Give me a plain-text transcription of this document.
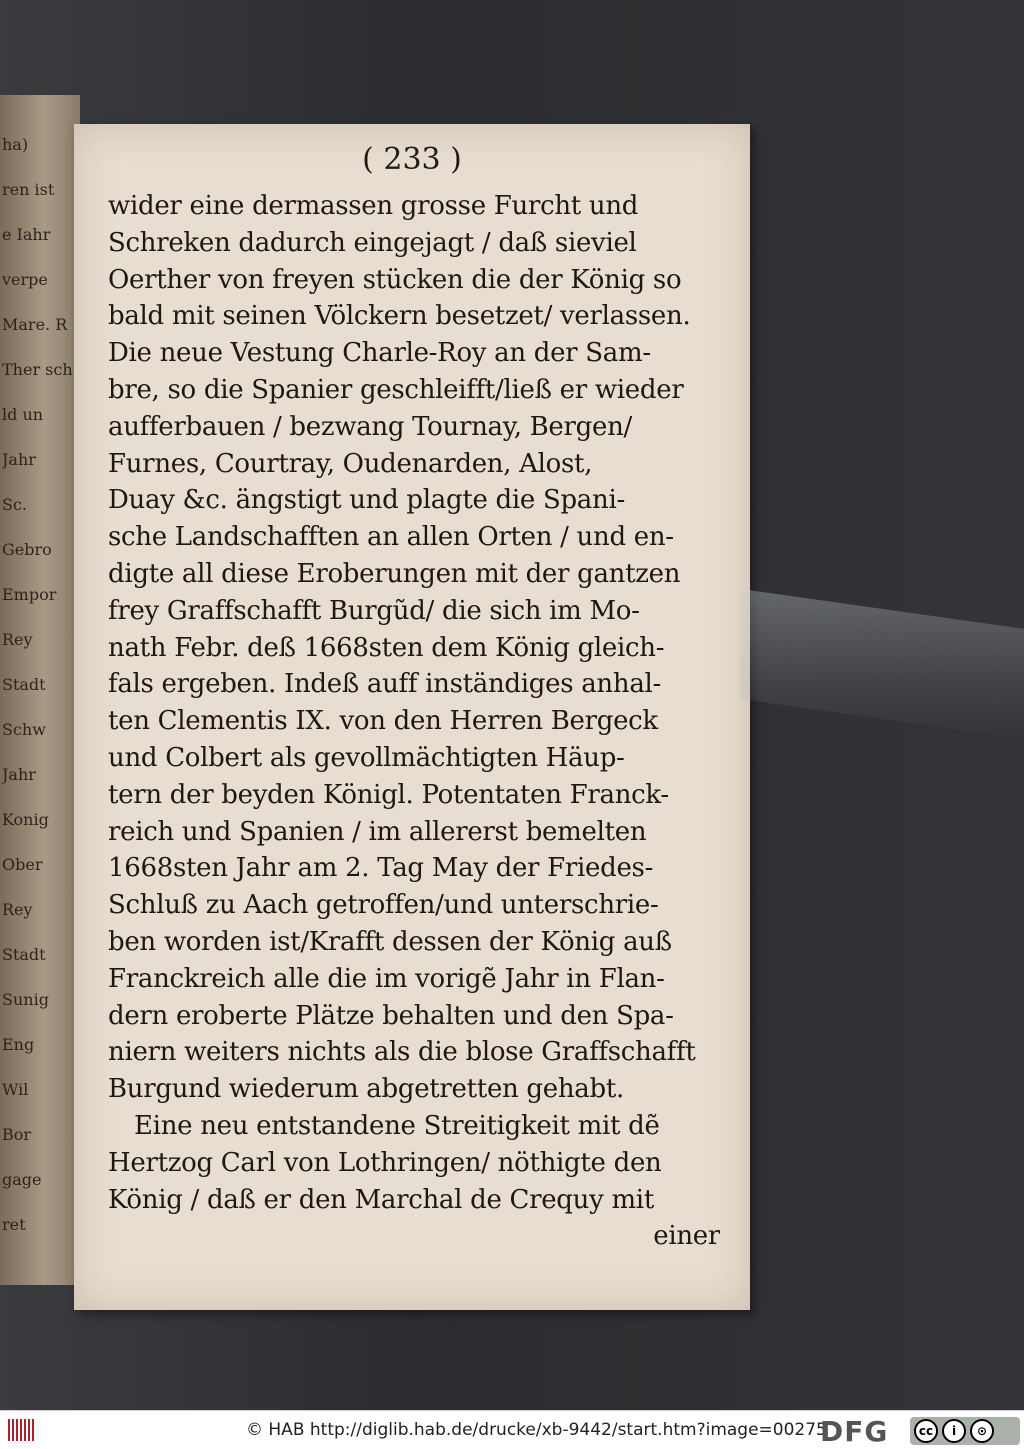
ha)
ren ist
e Iahr
verpe
Mare. R
Ther sch
ld un
Jahr
Sc.
Gebro
Empor
Rey
Stadt
Schw
Jahr
Konig
Ober
Rey
Stadt
Sunig
Eng
Wil
Bor
gage
ret
( 233 )
wider eine dermassen grosse Furcht und
Schreken dadurch eingejagt / daß sieviel
Oerther von freyen stücken die der König so
bald mit seinen Völckern besetzet/ verlassen.
Die neue Vestung Charle-Roy an der Sam-
bre, so die Spanier geschleifft/ließ er wieder
aufferbauen / bezwang Tournay, Bergen/
Furnes, Courtray, Oudenarden, Alost,
Duay &c. ängstigt und plagte die Spani-
sche Landschafften an allen Orten / und en-
digte all diese Eroberungen mit der gantzen
frey Graffschafft Burgũd/ die sich im Mo-
nath Febr. deß 1668sten dem König gleich-
fals ergeben. Indeß auff inständiges anhal-
ten Clementis IX. von den Herren Bergeck
und Colbert als gevollmächtigten Häup-
tern der beyden Königl. Potentaten Franck-
reich und Spanien / im allererst bemelten
1668sten Jahr am 2. Tag May der Friedes-
Schluß zu Aach getroffen/und unterschrie-
ben worden ist/Krafft dessen der König auß
Franckreich alle die im vorigẽ Jahr in Flan-
dern eroberte Plätze behalten und den Spa-
niern weiters nichts als die blose Graffschafft
Burgund wiederum abgetretten gehabt.
Eine neu entstandene Streitigkeit mit dẽ
Hertzog Carl von Lothringen/ nöthigte den
König / daß er den Marchal de Crequy mit
einer
© HAB http://diglib.hab.de/drucke/xb-9442/start.htm?image=00275
DFG	cc	i	⊙
